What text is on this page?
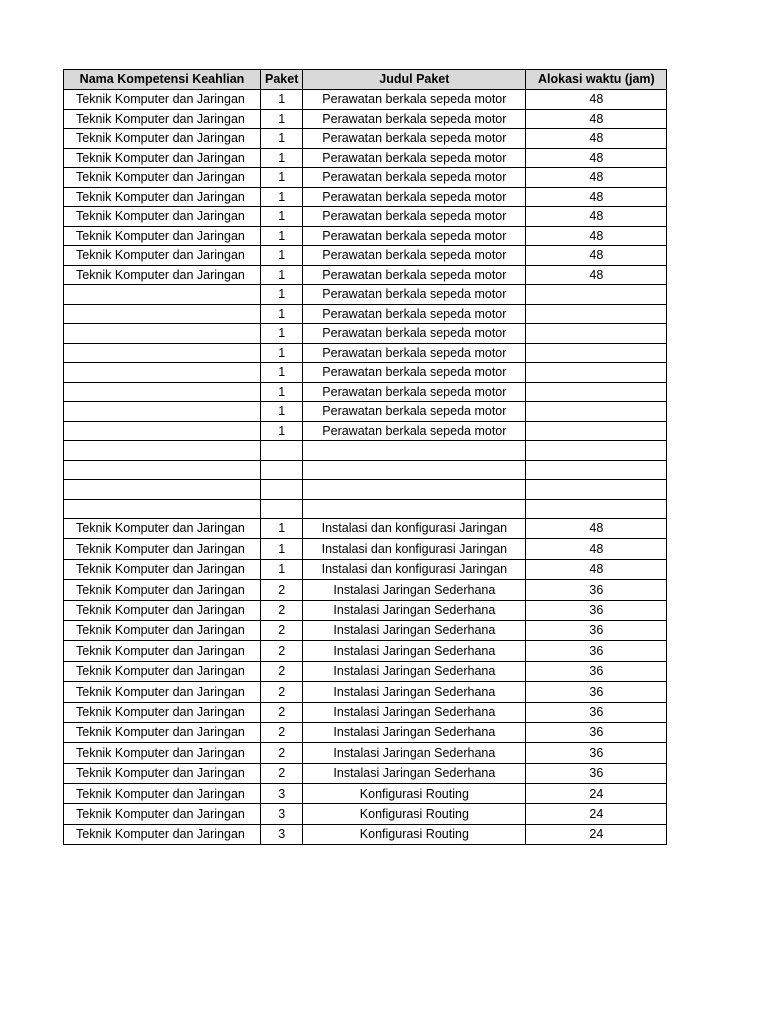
Nama Kompetensi Keahlian	Paket	Judul Paket	Alokasi waktu (jam)
Teknik Komputer dan Jaringan	1	Perawatan berkala sepeda motor	48
Teknik Komputer dan Jaringan	1	Perawatan berkala sepeda motor	48
Teknik Komputer dan Jaringan	1	Perawatan berkala sepeda motor	48
Teknik Komputer dan Jaringan	1	Perawatan berkala sepeda motor	48
Teknik Komputer dan Jaringan	1	Perawatan berkala sepeda motor	48
Teknik Komputer dan Jaringan	1	Perawatan berkala sepeda motor	48
Teknik Komputer dan Jaringan	1	Perawatan berkala sepeda motor	48
Teknik Komputer dan Jaringan	1	Perawatan berkala sepeda motor	48
Teknik Komputer dan Jaringan	1	Perawatan berkala sepeda motor	48
Teknik Komputer dan Jaringan	1	Perawatan berkala sepeda motor	48
	1	Perawatan berkala sepeda motor	
	1	Perawatan berkala sepeda motor	
	1	Perawatan berkala sepeda motor	
	1	Perawatan berkala sepeda motor	
	1	Perawatan berkala sepeda motor	
	1	Perawatan berkala sepeda motor	
	1	Perawatan berkala sepeda motor	
	1	Perawatan berkala sepeda motor	

Teknik Komputer dan Jaringan	1	Instalasi dan konfigurasi Jaringan	48
Teknik Komputer dan Jaringan	1	Instalasi dan konfigurasi Jaringan	48
Teknik Komputer dan Jaringan	1	Instalasi dan konfigurasi Jaringan	48
Teknik Komputer dan Jaringan	2	Instalasi Jaringan Sederhana	36
Teknik Komputer dan Jaringan	2	Instalasi Jaringan Sederhana	36
Teknik Komputer dan Jaringan	2	Instalasi Jaringan Sederhana	36
Teknik Komputer dan Jaringan	2	Instalasi Jaringan Sederhana	36
Teknik Komputer dan Jaringan	2	Instalasi Jaringan Sederhana	36
Teknik Komputer dan Jaringan	2	Instalasi Jaringan Sederhana	36
Teknik Komputer dan Jaringan	2	Instalasi Jaringan Sederhana	36
Teknik Komputer dan Jaringan	2	Instalasi Jaringan Sederhana	36
Teknik Komputer dan Jaringan	2	Instalasi Jaringan Sederhana	36
Teknik Komputer dan Jaringan	2	Instalasi Jaringan Sederhana	36
Teknik Komputer dan Jaringan	3	Konfigurasi Routing	24
Teknik Komputer dan Jaringan	3	Konfigurasi Routing	24
Teknik Komputer dan Jaringan	3	Konfigurasi Routing	24
